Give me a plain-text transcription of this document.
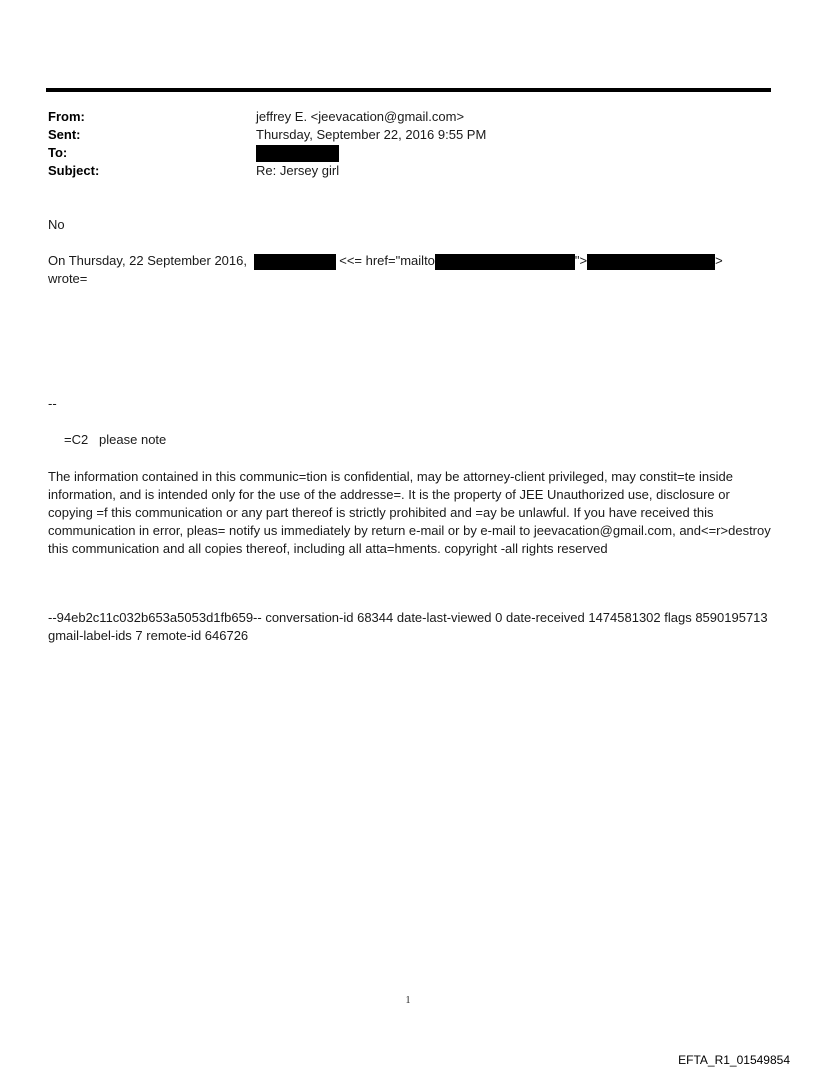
From:	jeffrey E. <jeevacation@gmail.com>
Sent:	Thursday, September 22, 2016 9:55 PM
To:
Subject:	Re: Jersey girl
No
On Thursday, 22 September 2016,	<<= href="mailto	">	>
wrote=
--
=C2   please note
The information contained in this communic=tion is confidential, may be attorney-client privileged, may constit=te inside information, and is intended only for the use of the addresse=. It is the property of JEE Unauthorized use, disclosure or copying =f this communication or any part thereof is strictly prohibited and =ay be unlawful. If you have received this communication in error, pleas= notify us immediately by return e-mail or by e-mail to jeevacation@gmail.com, and<=r>destroy this communication and all copies thereof, including all atta=hments. copyright -all rights reserved
--94eb2c11c032b653a5053d1fb659-- conversation-id 68344 date-last-viewed 0 date-received 1474581302 flags 8590195713 gmail-label-ids 7 remote-id 646726
1
EFTA_R1_01549854
